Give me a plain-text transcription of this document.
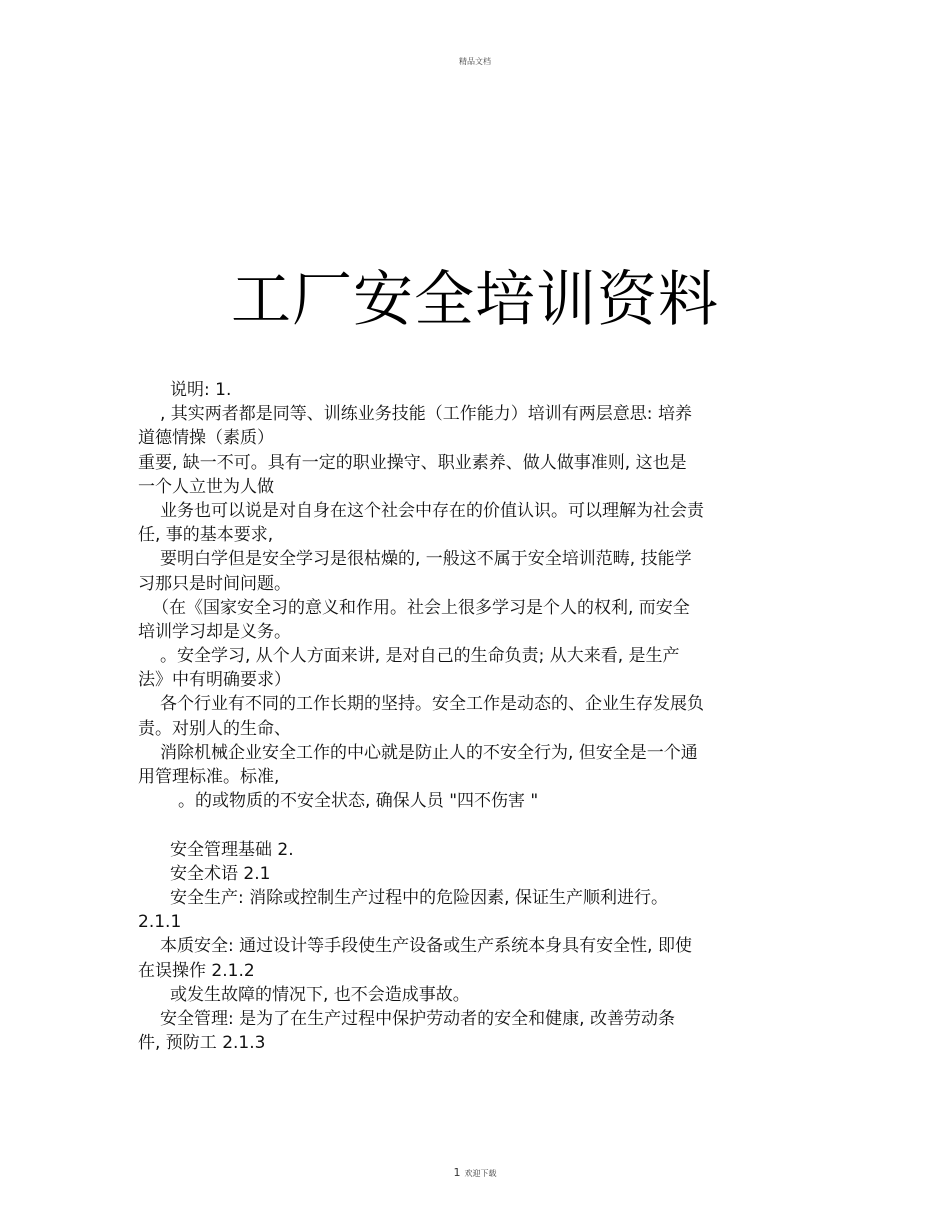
精品文档
工厂安全培训资料
说明: 1.
, 其实两者都是同等、训练业务技能（工作能力）培训有两层意思: 培养
道德情操（素质）
重要, 缺一不可。具有一定的职业操守、职业素养、做人做事准则, 这也是
一个人立世为人做
业务也可以说是对自身在这个社会中存在的价值认识。可以理解为社会责
任, 事的基本要求,
要明白学但是安全学习是很枯燥的, 一般这不属于安全培训范畴, 技能学
习那只是时间问题。
（在《国家安全习的意义和作用。社会上很多学习是个人的权利, 而安全
培训学习却是义务。
。安全学习, 从个人方面来讲, 是对自己的生命负责; 从大来看, 是生产
法》中有明确要求）
各个行业有不同的工作长期的坚持。安全工作是动态的、企业生存发展负
责。对别人的生命、
消除机械企业安全工作的中心就是防止人的不安全行为, 但安全是一个通
用管理标准。标准,
。的或物质的不安全状态, 确保人员 "四不伤害 "
安全管理基础 2.
安全术语 2.1
安全生产: 消除或控制生产过程中的危险因素, 保证生产顺利进行。
2.1.1
本质安全: 通过设计等手段使生产设备或生产系统本身具有安全性, 即使
在误操作 2.1.2
或发生故障的情况下, 也不会造成事故。
安全管理: 是为了在生产过程中保护劳动者的安全和健康, 改善劳动条
件, 预防工 2.1.3
1 欢迎下载
